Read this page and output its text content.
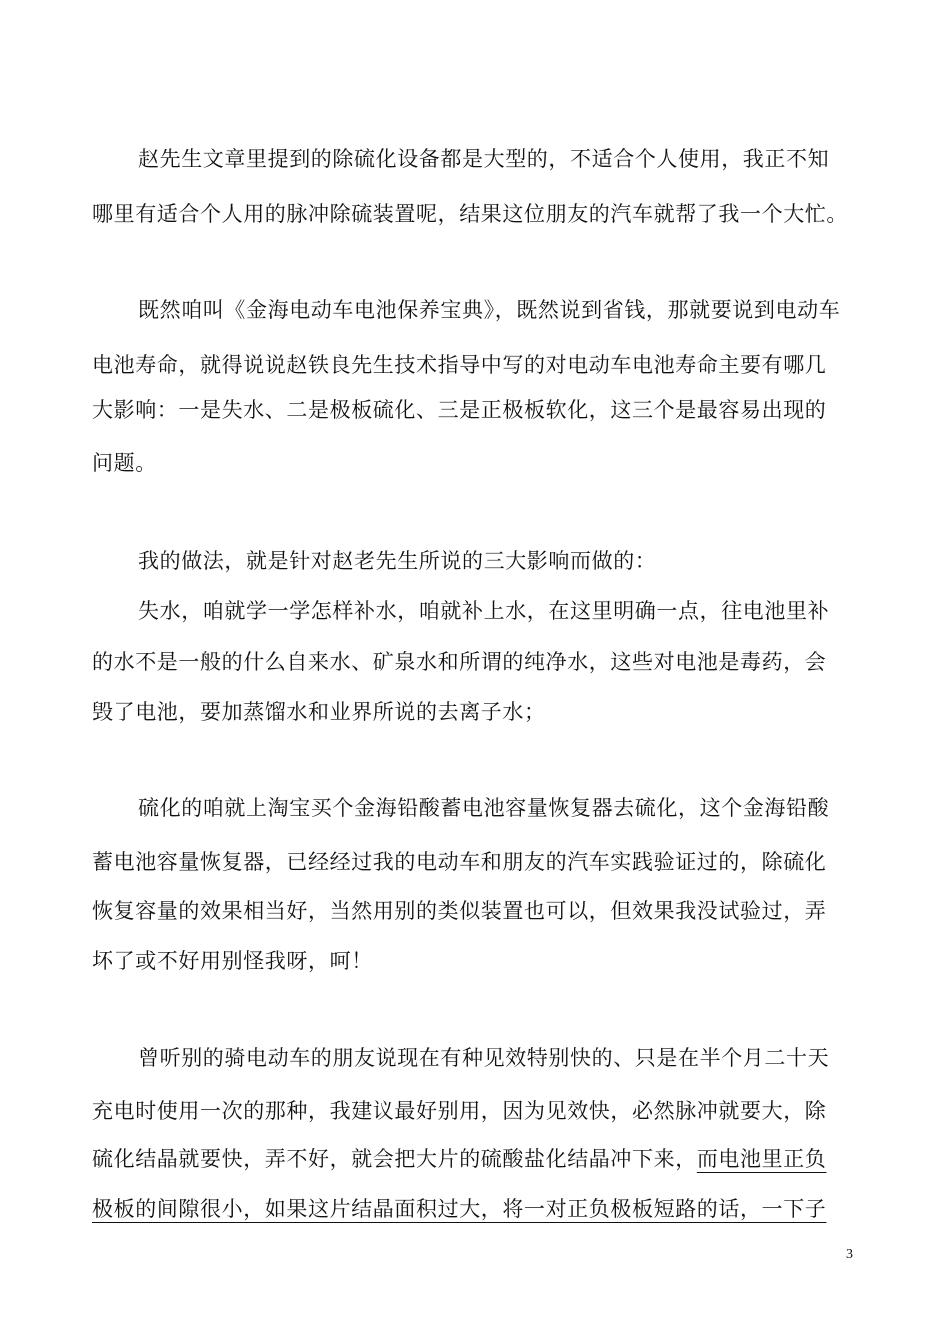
赵先生文章里提到的除硫化设备都是大型的，不适合个人使用，我正不知
哪里有适合个人用的脉冲除硫装置呢，结果这位朋友的汽车就帮了我一个大忙。
既然咱叫《金海电动车电池保养宝典》，既然说到省钱，那就要说到电动车
电池寿命，就得说说赵铁良先生技术指导中写的对电动车电池寿命主要有哪几
大影响：一是失水、二是极板硫化、三是正极板软化，这三个是最容易出现的
问题。
我的做法，就是针对赵老先生所说的三大影响而做的：
失水，咱就学一学怎样补水，咱就补上水，在这里明确一点，往电池里补
的水不是一般的什么自来水、矿泉水和所谓的纯净水，这些对电池是毒药，会
毁了电池，要加蒸馏水和业界所说的去离子水；
硫化的咱就上淘宝买个金海铅酸蓄电池容量恢复器去硫化，这个金海铅酸
蓄电池容量恢复器，已经经过我的电动车和朋友的汽车实践验证过的，除硫化
恢复容量的效果相当好，当然用别的类似装置也可以，但效果我没试验过，弄
坏了或不好用别怪我呀，呵！
曾听别的骑电动车的朋友说现在有种见效特别快的、只是在半个月二十天
充电时使用一次的那种，我建议最好别用，因为见效快，必然脉冲就要大，除
硫化结晶就要快，弄不好，就会把大片的硫酸盐化结晶冲下来，而电池里正负
极板的间隙很小，如果这片结晶面积过大，将一对正负极板短路的话，一下子
3
